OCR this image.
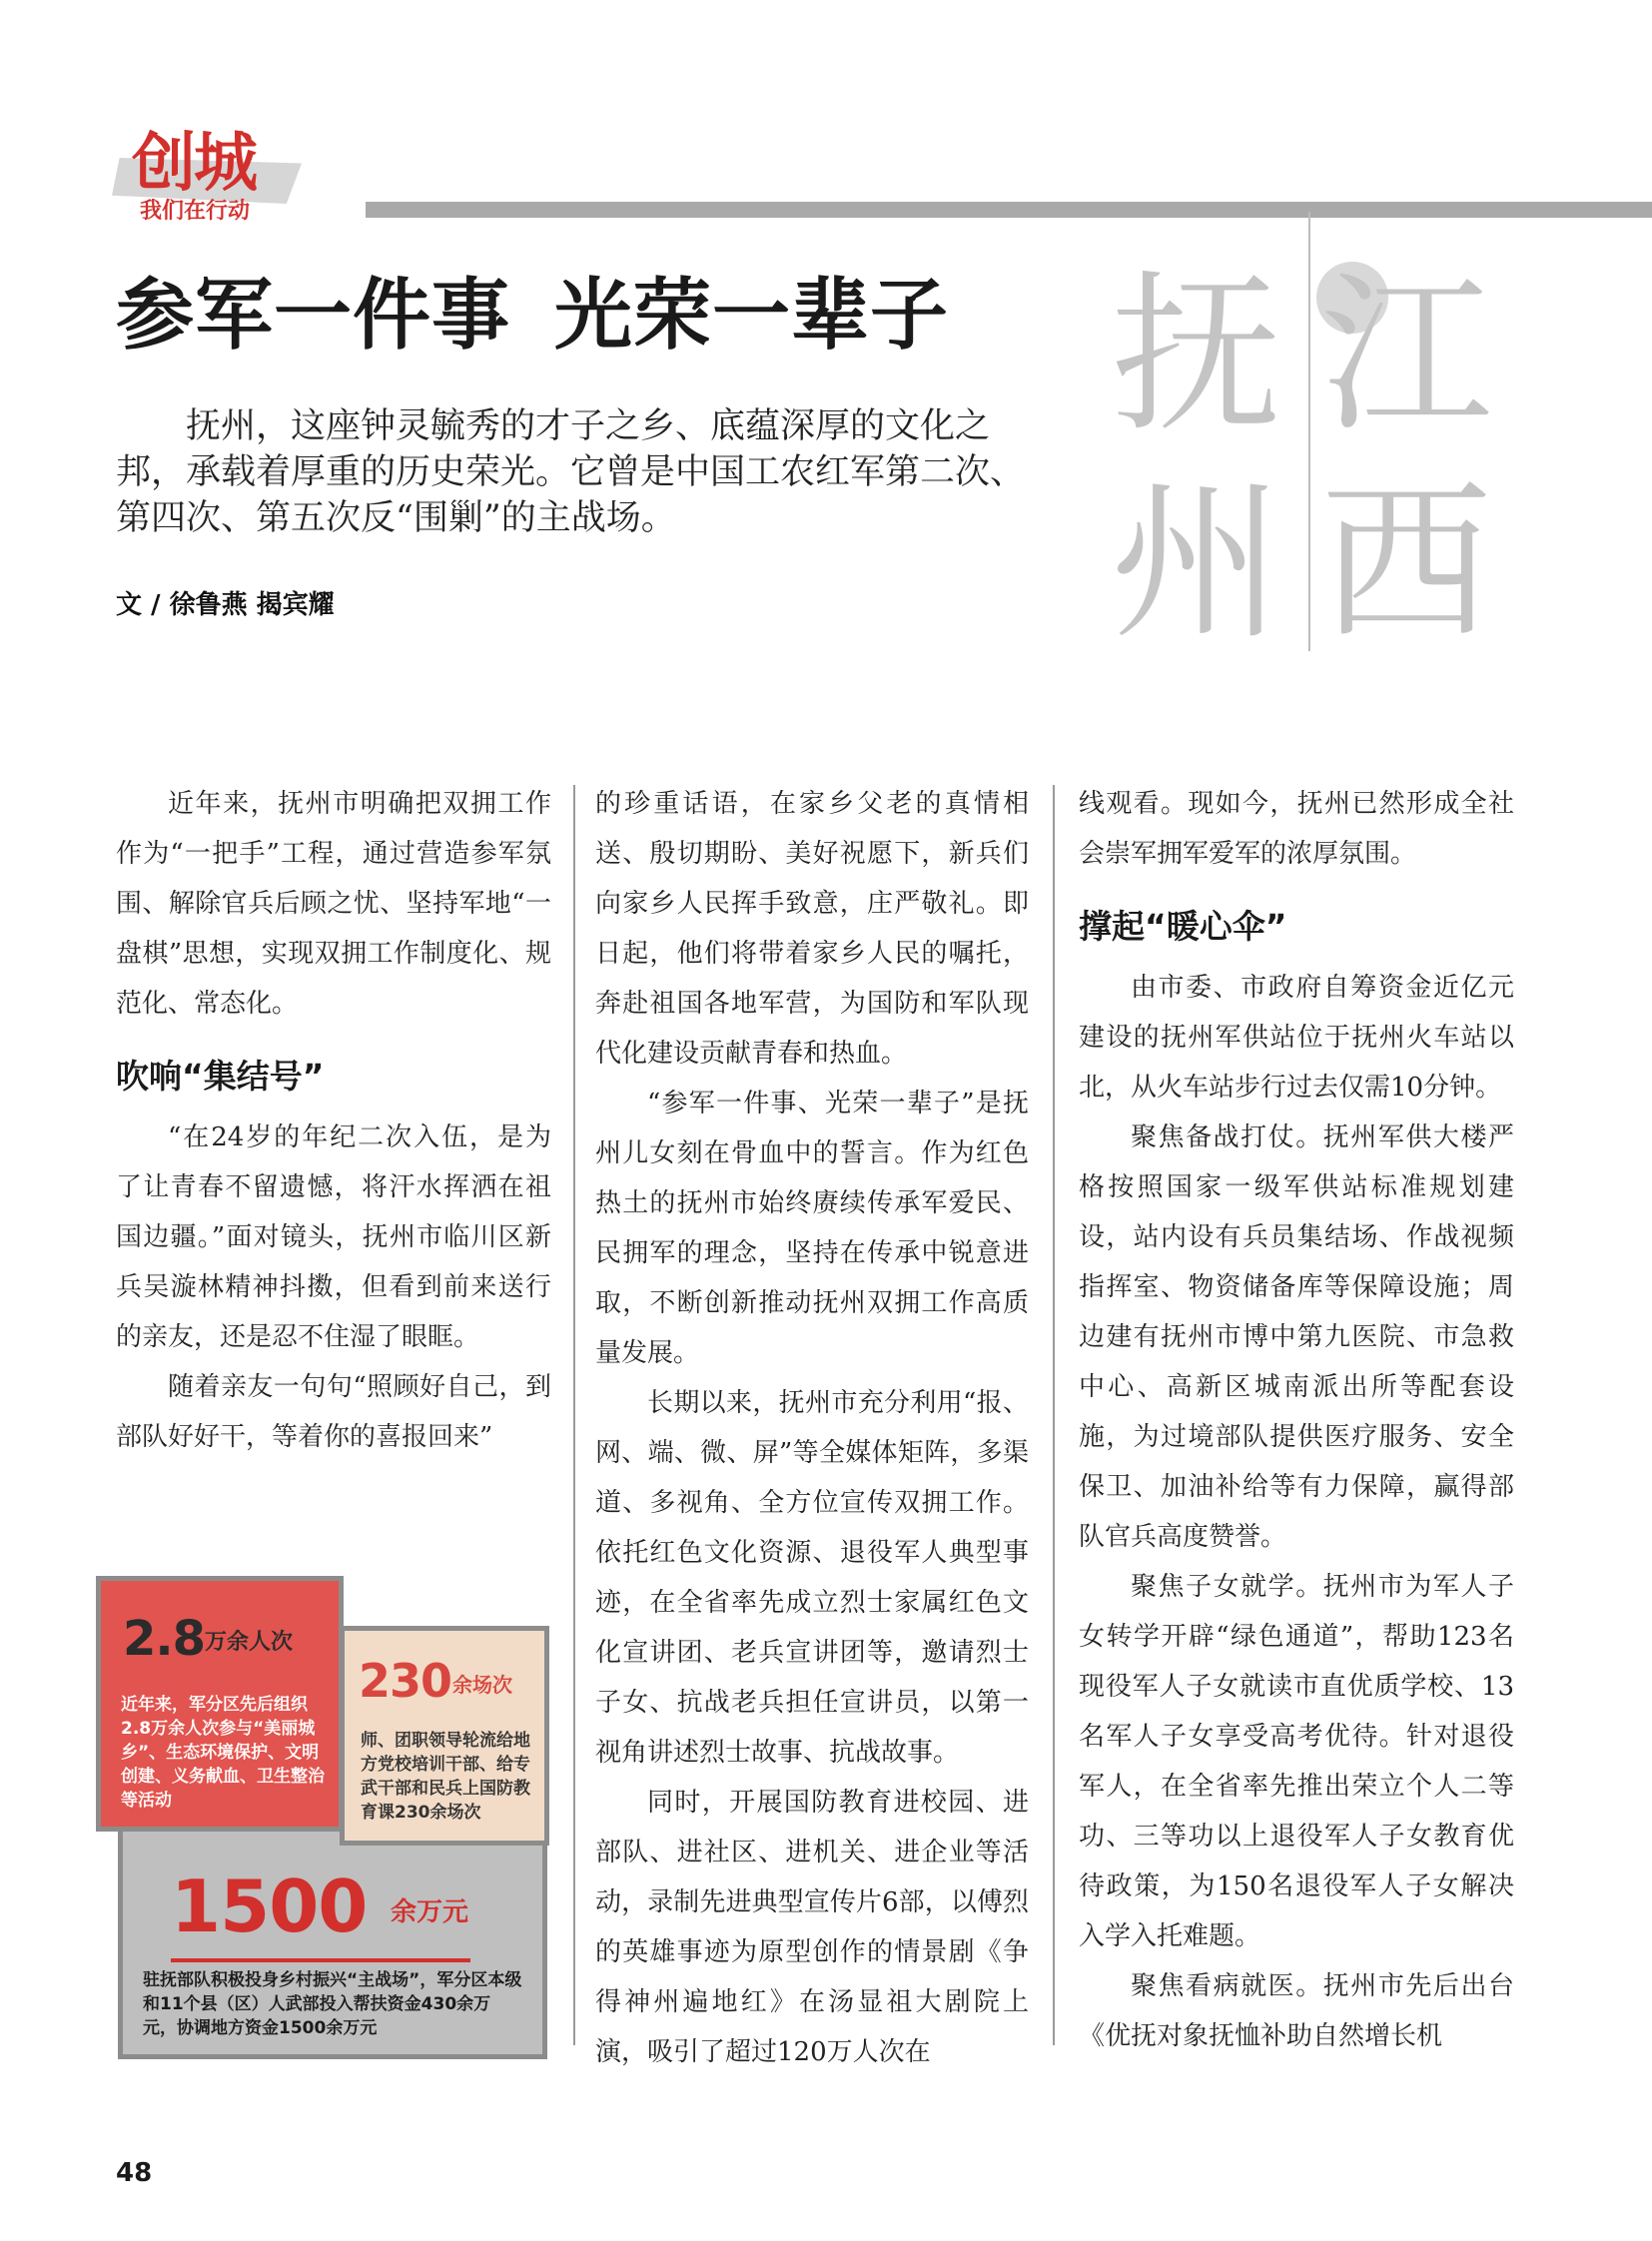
创城
我们在行动
参军一件事 光荣一辈子

抚州，这座钟灵毓秀的才子之乡、底蕴深厚的文化之邦，承载着厚重的历史荣光。它曾是中国工农红军第二次、第四次、第五次反“围剿”的主战场。

文 / 徐鲁燕 揭宾耀
抚
州
江
西

近年来，抚州市明确把双拥工作作为“一把手”工程，通过营造参军氛围、解除官兵后顾之忧、坚持军地“一盘棋”思想，实现双拥工作制度化、规范化、常态化。

吹响“集结号”

“在24岁的年纪二次入伍，是为了让青春不留遗憾，将汗水挥洒在祖国边疆。”面对镜头，抚州市临川区新兵吴漩林精神抖擞，但看到前来送行的亲友，还是忍不住湿了眼眶。

随着亲友一句句“照顾好自己，到部队好好干，等着你的喜报回来”

的珍重话语，在家乡父老的真情相送、殷切期盼、美好祝愿下，新兵们向家乡人民挥手致意，庄严敬礼。即日起，他们将带着家乡人民的嘱托，奔赴祖国各地军营，为国防和军队现代化建设贡献青春和热血。

“参军一件事、光荣一辈子”是抚州儿女刻在骨血中的誓言。作为红色热土的抚州市始终赓续传承军爱民、民拥军的理念，坚持在传承中锐意进取，不断创新推动抚州双拥工作高质量发展。

长期以来，抚州市充分利用“报、网、端、微、屏”等全媒体矩阵，多渠道、多视角、全方位宣传双拥工作。依托红色文化资源、退役军人典型事迹，在全省率先成立烈士家属红色文化宣讲团、老兵宣讲团等，邀请烈士子女、抗战老兵担任宣讲员，以第一视角讲述烈士故事、抗战故事。

同时，开展国防教育进校园、进部队、进社区、进机关、进企业等活动，录制先进典型宣传片6部，以傅烈的英雄事迹为原型创作的情景剧《争得神州遍地红》在汤显祖大剧院上演，吸引了超过120万人次在

线观看。现如今，抚州已然形成全社会崇军拥军爱军的浓厚氛围。

撑起“暖心伞”

由市委、市政府自筹资金近亿元建设的抚州军供站位于抚州火车站以北，从火车站步行过去仅需10分钟。

聚焦备战打仗。抚州军供大楼严格按照国家一级军供站标准规划建设，站内设有兵员集结场、作战视频指挥室、物资储备库等保障设施；周边建有抚州市博中第九医院、市急救中心、高新区城南派出所等配套设施，为过境部队提供医疗服务、安全保卫、加油补给等有力保障，赢得部队官兵高度赞誉。

聚焦子女就学。抚州市为军人子女转学开辟“绿色通道”，帮助123名现役军人子女就读市直优质学校、13名军人子女享受高考优待。针对退役军人，在全省率先推出荣立个人二等功、三等功以上退役军人子女教育优待政策，为150名退役军人子女解决入学入托难题。

聚焦看病就医。抚州市先后出台《优抚对象抚恤补助自然增长机

1500 余万元
驻抚部队积极投身乡村振兴“主战场”，军分区本级和11个县（区）人武部投入帮扶资金430余万元，协调地方资金1500余万元
230 余场次
师、团职领导轮流给地方党校培训干部、给专武干部和民兵上国防教育课230余场次
2.8 万余人次
近年来，军分区先后组织2.8万余人次参与“美丽城乡”、生态环境保护、文明创建、义务献血、卫生整治等活动
48
